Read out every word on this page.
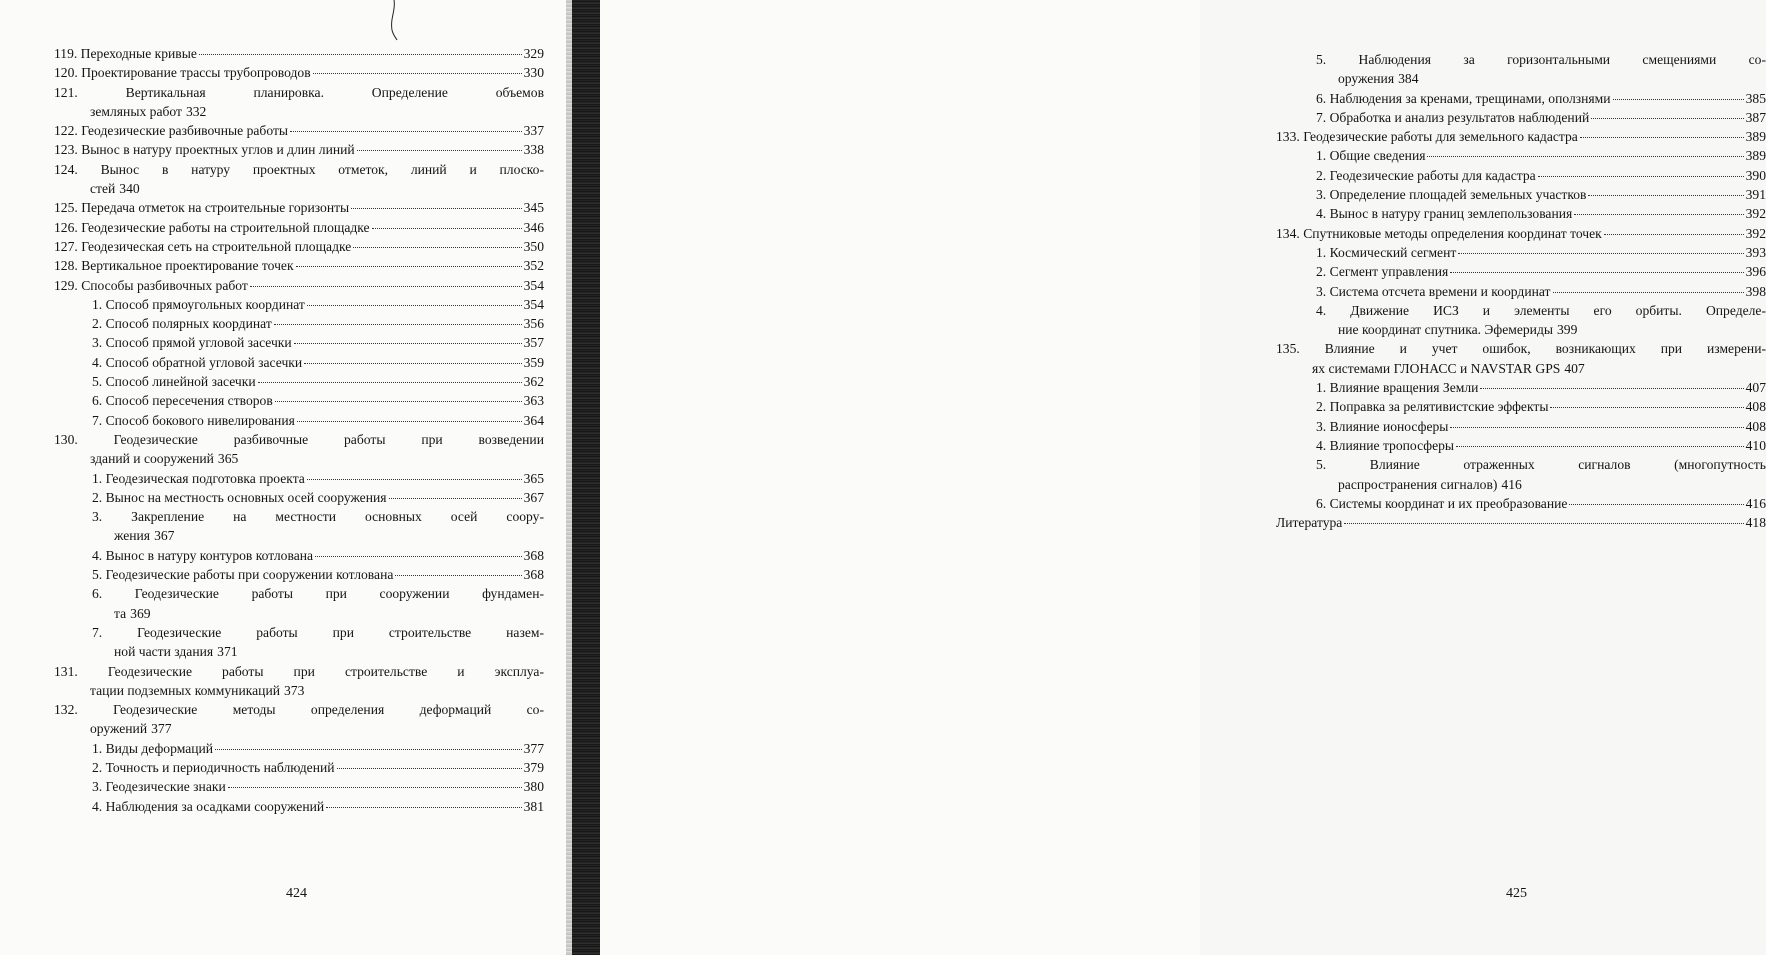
119. Переходные кривые	329
120. Проектирование трассы трубопроводов	330
121. Вертикальная планировка. Определение объемов
земляных работ 332
122. Геодезические разбивочные работы	337
123. Вынос в натуру проектных углов и длин линий	338
124. Вынос в натуру проектных отметок, линий и плоско-
стей 340
125. Передача отметок на строительные горизонты	345
126. Геодезические работы на строительной площадке	346
127. Геодезическая сеть на строительной площадке	350
128. Вертикальное проектирование точек	352
129. Способы разбивочных работ	354
1. Способ прямоугольных координат	354
2. Способ полярных координат	356
3. Способ прямой угловой засечки	357
4. Способ обратной угловой засечки	359
5. Способ линейной засечки	362
6. Способ пересечения створов	363
7. Способ бокового нивелирования	364
130. Геодезические разбивочные работы при возведении
зданий и сооружений 365
1. Геодезическая подготовка проекта	365
2. Вынос на местность основных осей сооружения	367
3. Закрепление на местности основных осей соору-
жения 367
4. Вынос в натуру контуров котлована	368
5. Геодезические работы при сооружении котлована	368
6. Геодезические работы при сооружении фундамен-
та 369
7. Геодезические работы при строительстве назем-
ной части здания 371
131. Геодезические работы при строительстве и эксплуа-
тации подземных коммуникаций 373
132. Геодезические методы определения деформаций со-
оружений 377
1. Виды деформаций	377
2. Точность и периодичность наблюдений	379
3. Геодезические знаки	380
4. Наблюдения за осадками сооружений	381
424
5. Наблюдения за горизонтальными смещениями со-
оружения 384
6. Наблюдения за кренами, трещинами, оползнями	385
7. Обработка и анализ результатов наблюдений	387
133. Геодезические работы для земельного кадастра	389
1. Общие сведения	389
2. Геодезические работы для кадастра	390
3. Определение площадей земельных участков	391
4. Вынос в натуру границ землепользования	392
134. Спутниковые методы определения координат точек	392
1. Космический сегмент	393
2. Сегмент управления	396
3. Система отсчета времени и координат	398
4. Движение ИСЗ и элементы его орбиты. Определе-
ние координат спутника. Эфемериды 399
135. Влияние и учет ошибок, возникающих при измерени-
ях системами ГЛОНАСС и NAVSTAR GPS 407
1. Влияние вращения Земли	407
2. Поправка за релятивистские эффекты	408
3. Влияние ионосферы	408
4. Влияние тропосферы	410
5. Влияние отраженных сигналов (многопутность
распространения сигналов) 416
6. Системы координат и их преобразование	416
Литература	418
425
